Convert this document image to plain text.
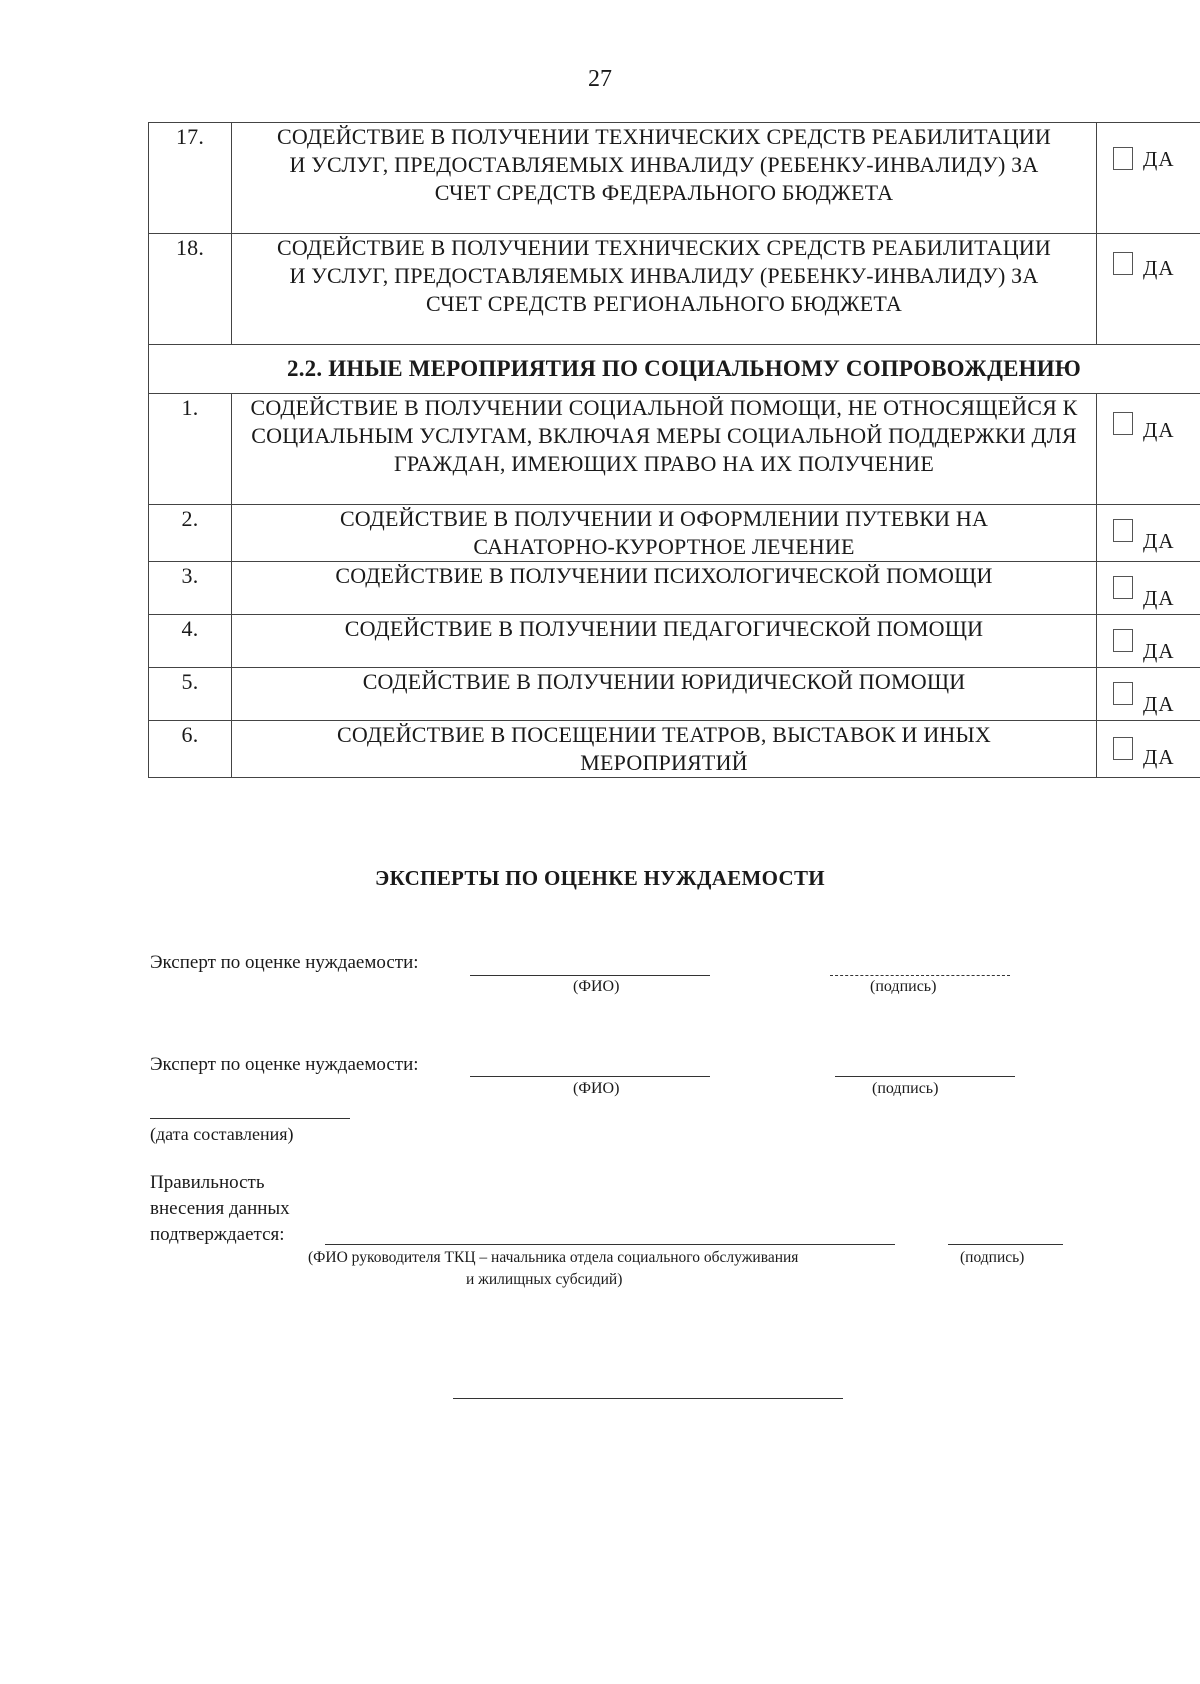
27
17.	СОДЕЙСТВИЕ В ПОЛУЧЕНИИ ТЕХНИЧЕСКИХ СРЕДСТВ РЕАБИЛИТАЦИИ И УСЛУГ, ПРЕДОСТАВЛЯЕМЫХ ИНВАЛИДУ (РЕБЕНКУ-ИНВАЛИДУ) ЗА СЧЕТ СРЕДСТВ ФЕДЕРАЛЬНОГО БЮДЖЕТА	ДА

18.	СОДЕЙСТВИЕ В ПОЛУЧЕНИИ ТЕХНИЧЕСКИХ СРЕДСТВ РЕАБИЛИТАЦИИ И УСЛУГ, ПРЕДОСТАВЛЯЕМЫХ ИНВАЛИДУ (РЕБЕНКУ-ИНВАЛИДУ) ЗА СЧЕТ СРЕДСТВ РЕГИОНАЛЬНОГО БЮДЖЕТА	ДА

2.2. ИНЫЕ МЕРОПРИЯТИЯ ПО СОЦИАЛЬНОМУ СОПРОВОЖДЕНИЮ		
1.	СОДЕЙСТВИЕ В ПОЛУЧЕНИИ СОЦИАЛЬНОЙ ПОМОЩИ, НЕ ОТНОСЯЩЕЙСЯ К СОЦИАЛЬНЫМ УСЛУГАМ, ВКЛЮЧАЯ МЕРЫ СОЦИАЛЬНОЙ ПОДДЕРЖКИ ДЛЯ ГРАЖДАН, ИМЕЮЩИХ ПРАВО НА ИХ ПОЛУЧЕНИЕ	ДА

2.	СОДЕЙСТВИЕ В ПОЛУЧЕНИИ И ОФОРМЛЕНИИ ПУТЕВКИ НА САНАТОРНО-КУРОРТНОЕ ЛЕЧЕНИЕ	ДА

3.	СОДЕЙСТВИЕ В ПОЛУЧЕНИИ ПСИХОЛОГИЧЕСКОЙ ПОМОЩИ	ДА

4.	СОДЕЙСТВИЕ В ПОЛУЧЕНИИ ПЕДАГОГИЧЕСКОЙ ПОМОЩИ	ДА

5.	СОДЕЙСТВИЕ В ПОЛУЧЕНИИ ЮРИДИЧЕСКОЙ ПОМОЩИ	ДА

6.	СОДЕЙСТВИЕ В ПОСЕЩЕНИИ ТЕАТРОВ, ВЫСТАВОК И ИНЫХ МЕРОПРИЯТИЙ	ДА
ЭКСПЕРТЫ ПО ОЦЕНКЕ НУЖДАЕМОСТИ
Эксперт по оценке нуждаемости:
(ФИО)	(подпись)
Эксперт по оценке нуждаемости:
(ФИО)	(подпись)
(дата составления)
Правильность
внесения данных
подтверждается:
(ФИО руководителя ТКЦ – начальника отдела социального обслуживания
и жилищных субсидий)
(подпись)
